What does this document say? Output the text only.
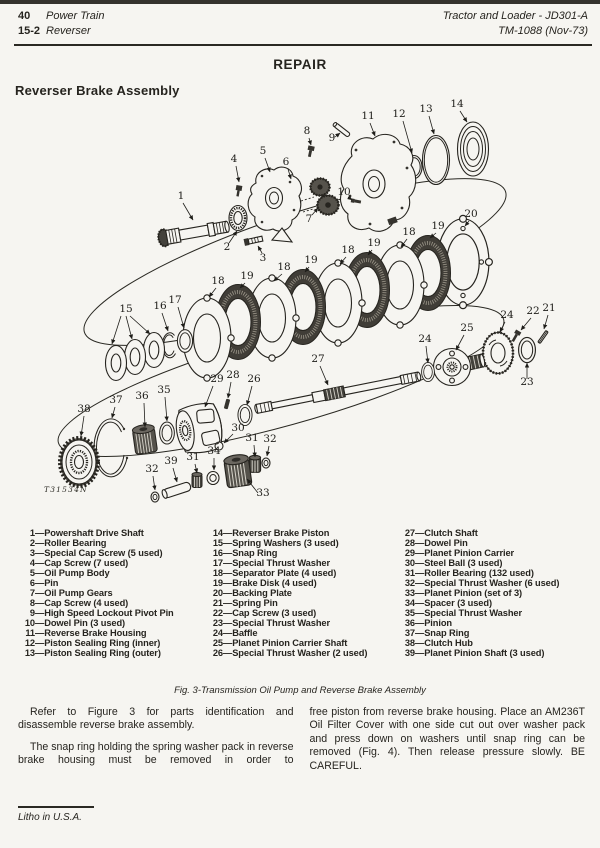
40 Power Train
15-2 Reverser
Tractor and Loader - JD301-A
TM-1088 (Nov-73)
REPAIR
Reverser Brake Assembly
T31534N
1
2
3
4
5
6
7
8
9
10
11 12 13 14
15 16 17
18
18
18
18
19
19
19
19
20
21
22
23
24
24
25
26
27
28
29
30
31
31
32
32
33
34
35
36
37
38
39
1—Powershaft Drive Shaft
2—Roller Bearing
3—Special Cap Screw (5 used)
4—Cap Screw (7 used)
5—Oil Pump Body
6—Pin
7—Oil Pump Gears
8—Cap Screw (4 used)
9—High Speed Lockout Pivot Pin
10—Dowel Pin (3 used)
11—Reverse Brake Housing
12—Piston Sealing Ring (inner)
13—Piston Sealing Ring (outer)
14—Reverser Brake Piston
15—Spring Washers (3 used)
16—Snap Ring
17—Special Thrust Washer
18—Separator Plate (4 used)
19—Brake Disk (4 used)
20—Backing Plate
21—Spring Pin
22—Cap Screw (3 used)
23—Special Thrust Washer
24—Baffle
25—Planet Pinion Carrier Shaft
26—Special Thrust Washer (2 used)
27—Clutch Shaft
28—Dowel Pin
29—Planet Pinion Carrier
30—Steel Ball (3 used)
31—Roller Bearing (132 used)
32—Special Thrust Washer (6 used)
33—Planet Pinion (set of 3)
34—Spacer (3 used)
35—Special Thrust Washer
36—Pinion
37—Snap Ring
38—Clutch Hub
39—Planet Pinion Shaft (3 used)
Fig. 3-Transmission Oil Pump and Reverse Brake Assembly

Refer to Figure 3 for parts identification and disassemble reverse brake assembly.

The snap ring holding the spring washer pack in reverse brake housing must be removed in order to

free piston from reverse brake housing. Place an AM236T Oil Filter Cover with one side cut out over washer pack and press down on washers until snap ring can be removed (Fig. 4). Then release pressure slowly. BE CAREFUL.

Litho in U.S.A.
